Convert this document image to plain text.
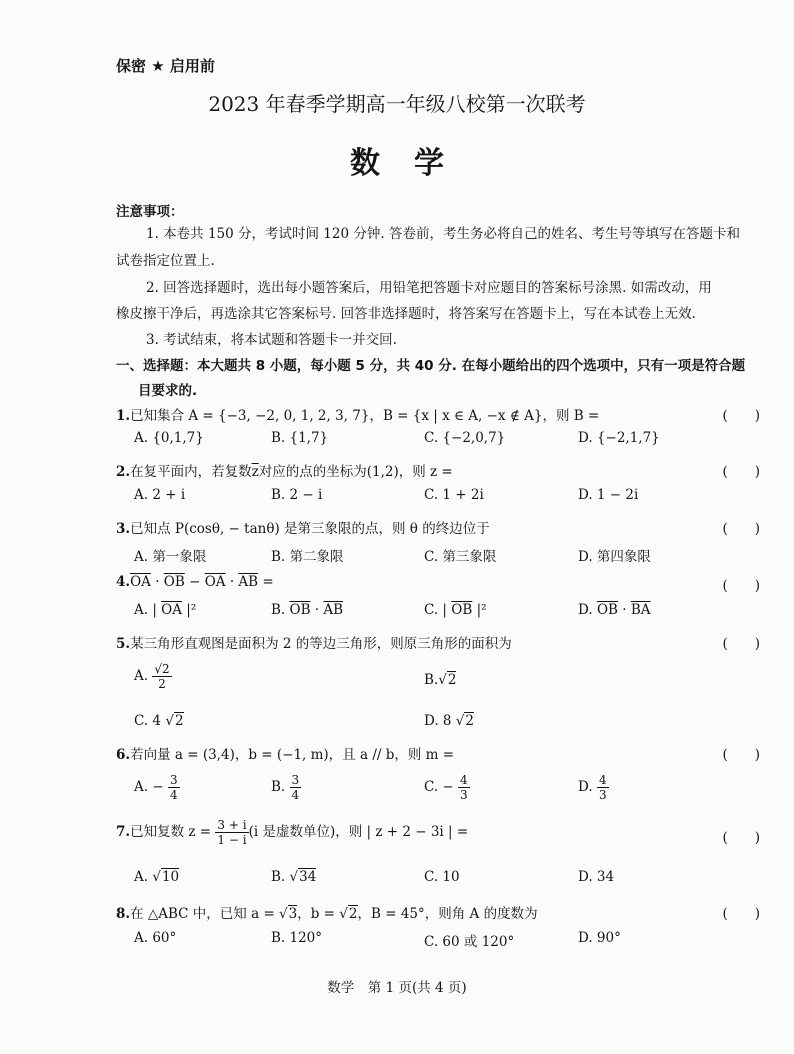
保密 ★ 启用前
2023 年春季学期高一年级八校第一次联考
数学
注意事项：
1. 本卷共 150 分，考试时间 120 分钟. 答卷前，考生务必将自己的姓名、考生号等填写在答题卡和
试卷指定位置上.
2. 回答选择题时，选出每小题答案后，用铅笔把答题卡对应题目的答案标号涂黑. 如需改动，用
橡皮擦干净后，再选涂其它答案标号. 回答非选择题时，将答案写在答题卡上，写在本试卷上无效.
3. 考试结束，将本试题和答题卡一并交回.
一、选择题：本大题共 8 小题，每小题 5 分，共 40 分. 在每小题给出的四个选项中，只有一项是符合题
目要求的.
1.已知集合 A = {−3, −2, 0, 1, 2, 3, 7}，B = {x | x ∈ A, −x ∉ A}，则 B =	(　　)
A. {0,1,7}	B. {1,7}	C. {−2,0,7}	D. {−2,1,7}
2.在复平面内，若复数$\overline{z}$对应的点的坐标为(1,2)，则 z =	(　　)
A. 2 + i	B. 2 − i	C. 1 + 2i	D. 1 − 2i
3.已知点 P(cosθ, − tanθ) 是第三象限的点，则 θ 的终边位于	(　　)
A. 第一象限	B. 第二象限	C. 第三象限	D. 第四象限
$4.\overline{OA} \cdot \overline{OB} - \overline{OA} \cdot \overline{AB}$ =	(　　)
A. | $\overline{OA}$ |²	B. $\overline{OB} \cdot \overline{AB}$	C. | $\overline{OB}$ |²	D. $\overline{OB} \cdot \overline{BA}$
5.某三角形直观图是面积为 2 的等边三角形，则原三角形的面积为	(　　)
A. $\frac{√2}{2}$	B.√2
C. 4 √2	D. 8 √2
6.若向量 a = (3,4)，b = (−1, m)，且 a // b，则 m =	(　　)
A. − $\frac{3}{4}$	B. $\frac{3}{4}$	C. − $\frac{4}{3}$	D. $\frac{4}{3}$
7.已知复数 $z = \frac{3 + i}{1 - i} (i$ 是虚数单位)，则 | z + 2 − 3i | =	(　　)
A. √10	B. √34	C. 10	D. 34
8.在 △ABC 中，已知 a = √3，b = √2，B = 45°，则角 A 的度数为	(　　)
A. 60°	B. 120°	C. 60 或 120°	D. 90°
数学　第 1 页(共 4 页)
